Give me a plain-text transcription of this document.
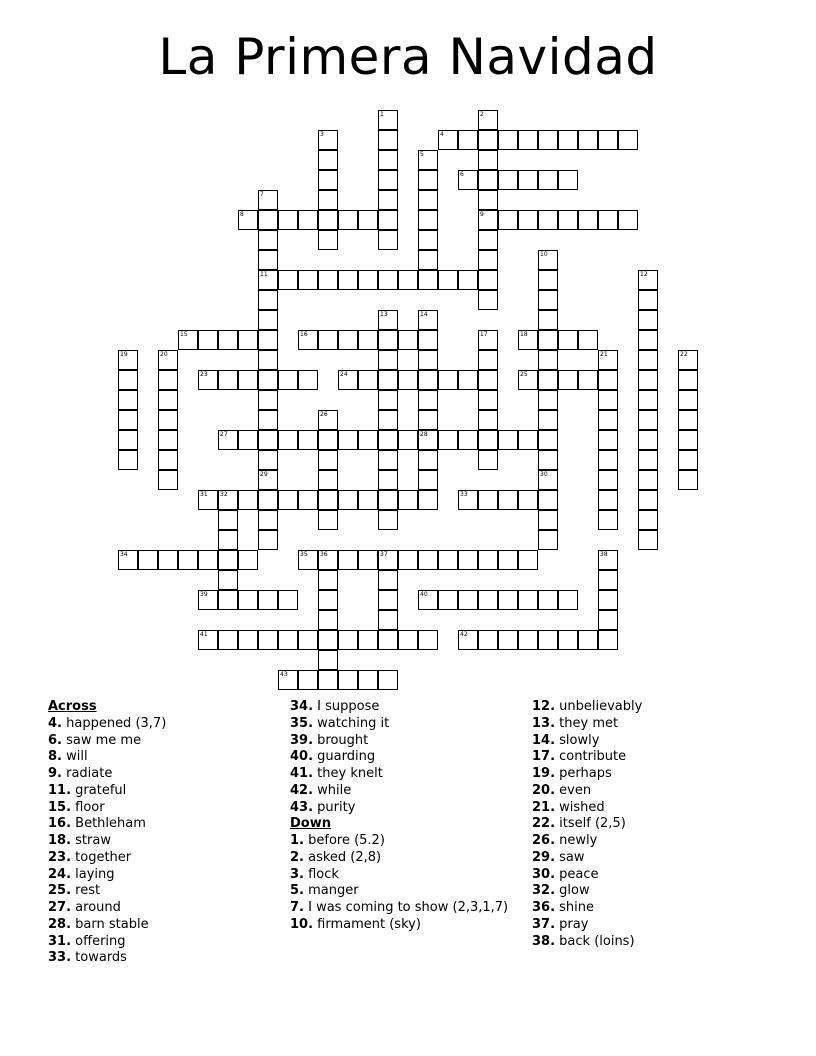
La Primera Navidad
4
6
8	9
11
15	16	18
20
23	24	25
27	28
31 32	33
34	35 36	37
39	40
41	42
43
1	2
3
5
7
29
10
30
12
13	14
17
19	21	22
26
38
Across
4. happened (3,7)
6. saw me me
8. will
9. radiate
11. grateful
15. floor
16. Bethleham
18. straw
23. together
24. laying
25. rest
27. around
28. barn stable
31. offering
33. towards
34. I suppose
35. watching it
39. brought
40. guarding
41. they knelt
42. while
43. purity
Down
1. before (5.2)
2. asked (2,8)
3. flock
5. manger
7. I was coming to show (2,3,1,7)
10. firmament (sky)
12. unbelievably
13. they met
14. slowly
17. contribute
19. perhaps
20. even
21. wished
22. itself (2,5)
26. newly
29. saw
30. peace
32. glow
36. shine
37. pray
38. back (loins)
